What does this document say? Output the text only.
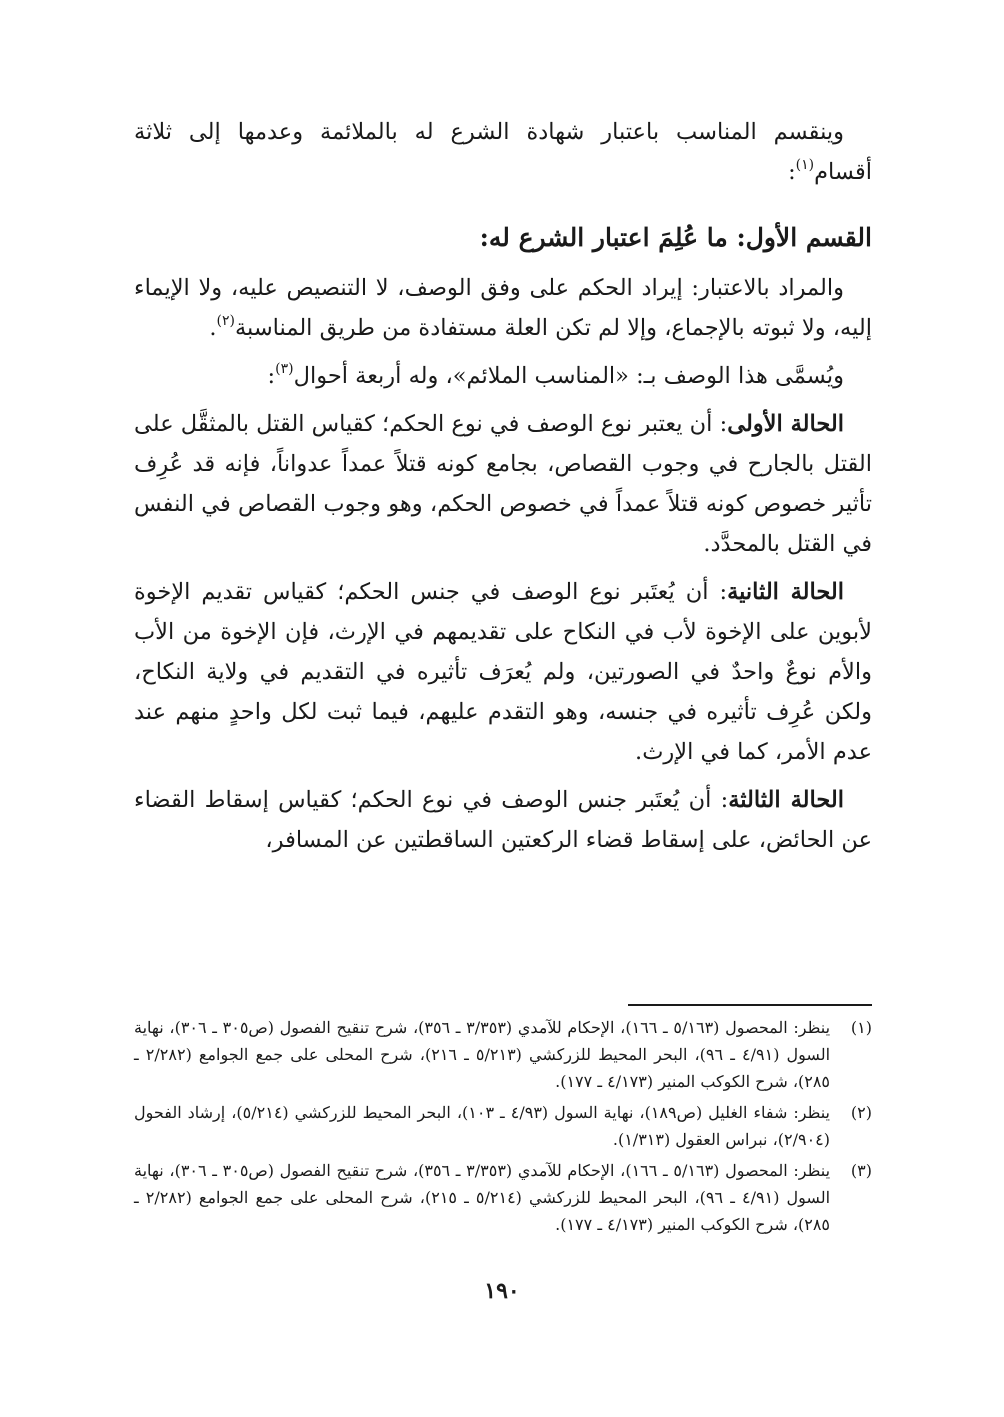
وينقسم المناسب باعتبار شهادة الشرع له بالملائمة وعدمها إلى ثلاثة أقسام$^{(١)}$:

القسم الأول: ما عُلِمَ اعتبار الشرع له:

والمراد بالاعتبار: إيراد الحكم على وفق الوصف، لا التنصيص عليه، ولا الإيماء إليه، ولا ثبوته بالإجماع، وإلا لم تكن العلة مستفادة من طريق المناسبة$^{(٢)}$.

ويُسمَّى هذا الوصف بـ: «المناسب الملائم»، وله أربعة أحوال$^{(٣)}$:

الحالة الأولى: أن يعتبر نوع الوصف في نوع الحكم؛ كقياس القتل بالمثقَّل على القتل بالجارح في وجوب القصاص، بجامع كونه قتلاً عمداً عدواناً، فإنه قد عُرِف تأثير خصوص كونه قتلاً عمداً في خصوص الحكم، وهو وجوب القصاص في النفس في القتل بالمحدَّد.

الحالة الثانية: أن يُعتَبر نوع الوصف في جنس الحكم؛ كقياس تقديم الإخوة لأبوين على الإخوة لأب في النكاح على تقديمهم في الإرث، فإن الإخوة من الأب والأم نوعٌ واحدٌ في الصورتين، ولم يُعرَف تأثيره في التقديم في ولاية النكاح، ولكن عُرِف تأثيره في جنسه، وهو التقدم عليهم، فيما ثبت لكل واحدٍ منهم عند عدم الأمر، كما في الإرث.

الحالة الثالثة: أن يُعتَبر جنس الوصف في نوع الحكم؛ كقياس إسقاط القضاء عن الحائض، على إسقاط قضاء الركعتين الساقطتين عن المسافر،

(١)
ينظر: المحصول (٥/١٦٣ ـ ١٦٦)، الإحكام للآمدي (٣/٣٥٣ ـ ٣٥٦)، شرح تنقيح الفصول (ص٣٠٥ ـ ٣٠٦)، نهاية السول (٤/٩١ ـ ٩٦)، البحر المحيط للزركشي (٥/٢١٣ ـ ٢١٦)، شرح المحلى على جمع الجوامع (٢/٢٨٢ ـ ٢٨٥)، شرح الكوكب المنير (٤/١٧٣ ـ ١٧٧).
(٢)
ينظر: شفاء الغليل (ص١٨٩)، نهاية السول (٤/٩٣ ـ ١٠٣)، البحر المحيط للزركشي (٥/٢١٤)، إرشاد الفحول (٢/٩٠٤)، نبراس العقول (١/٣١٣).
(٣)
ينظر: المحصول (٥/١٦٣ ـ ١٦٦)، الإحكام للآمدي (٣/٣٥٣ ـ ٣٥٦)، شرح تنقيح الفصول (ص٣٠٥ ـ ٣٠٦)، نهاية السول (٤/٩١ ـ ٩٦)، البحر المحيط للزركشي (٥/٢١٤ ـ ٢١٥)، شرح المحلى على جمع الجوامع (٢/٢٨٢ ـ ٢٨٥)، شرح الكوكب المنير (٤/١٧٣ ـ ١٧٧).
١٩٠
